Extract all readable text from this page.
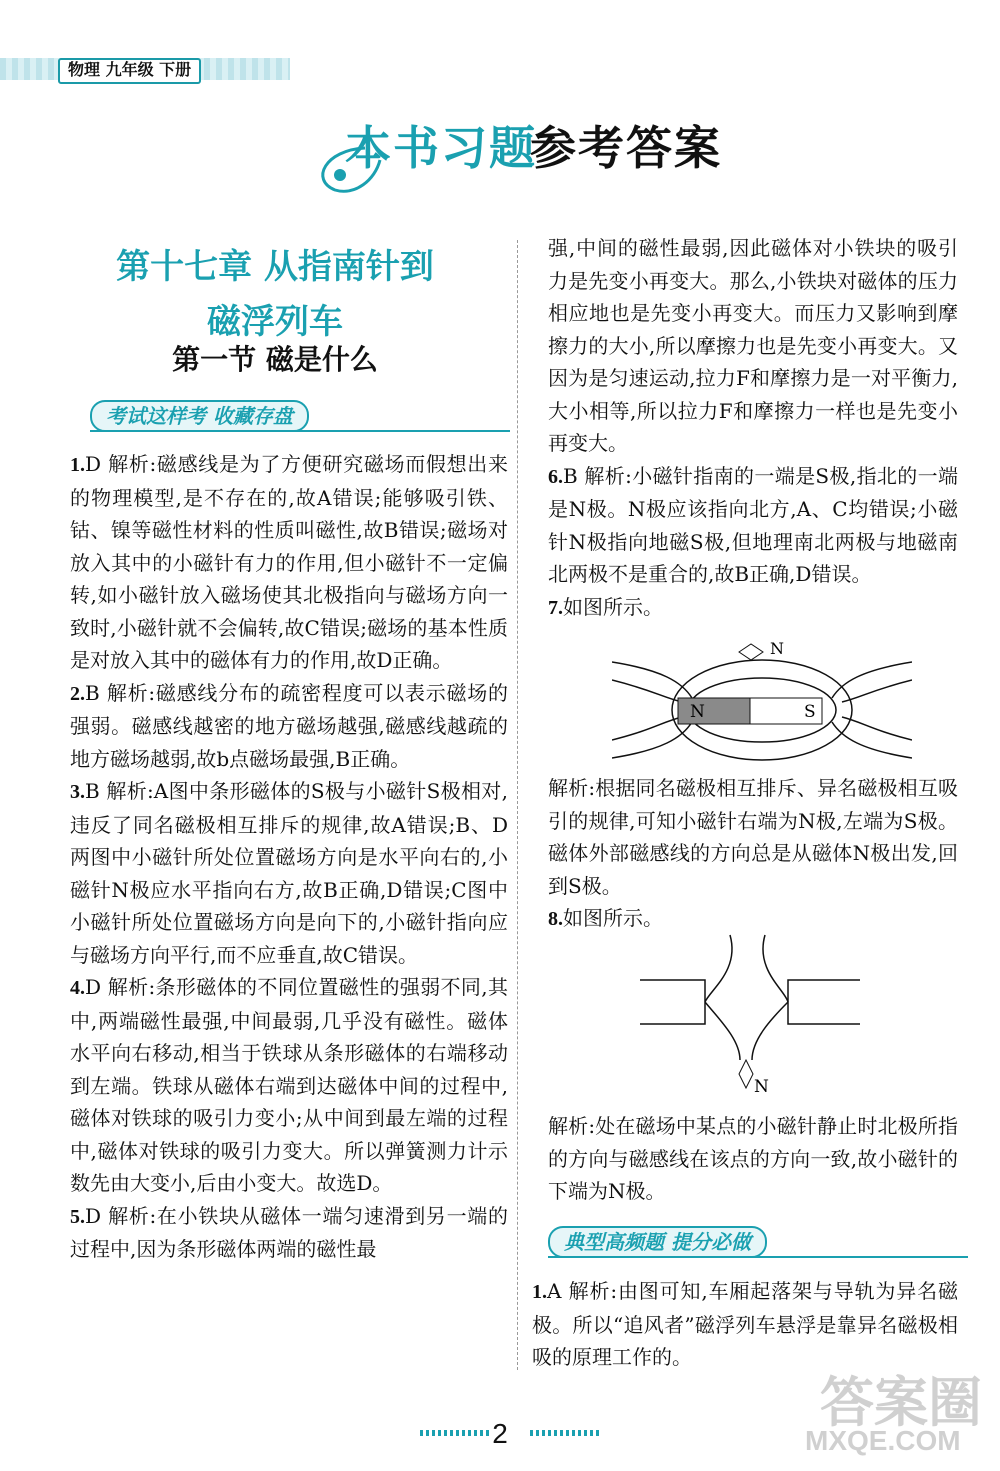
物理 九年级 下册
本书习题
参考答案
第十七章 从指南针到
磁浮列车
第一节 磁是什么
考试这样考 收藏存盘
1.D 解析:磁感线是为了方便研究磁场而假想出来的物理模型,是不存在的,故A错误;能够吸引铁、钴、镍等磁性材料的性质叫磁性,故B错误;磁场对放入其中的小磁针有力的作用,但小磁针不一定偏转,如小磁针放入磁场使其北极指向与磁场方向一致时,小磁针就不会偏转,故C错误;磁场的基本性质是对放入其中的磁体有力的作用,故D正确。
2.B 解析:磁感线分布的疏密程度可以表示磁场的强弱。磁感线越密的地方磁场越强,磁感线越疏的地方磁场越弱,故b点磁场最强,B正确。
3.B 解析:A图中条形磁体的S极与小磁针S极相对,违反了同名磁极相互排斥的规律,故A错误;B、D两图中小磁针所处位置磁场方向是水平向右的,小磁针N极应水平指向右方,故B正确,D错误;C图中小磁针所处位置磁场方向是向下的,小磁针指向应与磁场方向平行,而不应垂直,故C错误。
4.D 解析:条形磁体的不同位置磁性的强弱不同,其中,两端磁性最强,中间最弱,几乎没有磁性。磁体水平向右移动,相当于铁球从条形磁体的右端移动到左端。铁球从磁体右端到达磁体中间的过程中,磁体对铁球的吸引力变小;从中间到最左端的过程中,磁体对铁球的吸引力变大。所以弹簧测力计示数先由大变小,后由小变大。故选D。
5.D 解析:在小铁块从磁体一端匀速滑到另一端的过程中,因为条形磁体两端的磁性最
强,中间的磁性最弱,因此磁体对小铁块的吸引力是先变小再变大。那么,小铁块对磁体的压力相应地也是先变小再变大。而压力又影响到摩擦力的大小,所以摩擦力也是先变小再变大。又因为是匀速运动,拉力F和摩擦力是一对平衡力,大小相等,所以拉力F和摩擦力一样也是先变小再变大。
6.B 解析:小磁针指南的一端是S极,指北的一端是N极。N极应该指向北方,A、C均错误;小磁针N极指向地磁S极,但地理南北两极与地磁南北两极不是重合的,故B正确,D错误。
7.如图所示。
N
N	S
解析:根据同名磁极相互排斥、异名磁极相互吸引的规律,可知小磁针右端为N极,左端为S极。磁体外部磁感线的方向总是从磁体N极出发,回到S极。
8.如图所示。
N
解析:处在磁场中某点的小磁针静止时北极所指的方向与磁感线在该点的方向一致,故小磁针的下端为N极。
典型高频题 提分必做
1.A 解析:由图可知,车厢起落架与导轨为异名磁极。所以“追风者”磁浮列车悬浮是靠异名磁极相吸的原理工作的。
2	答案圈
MXQE.COM
